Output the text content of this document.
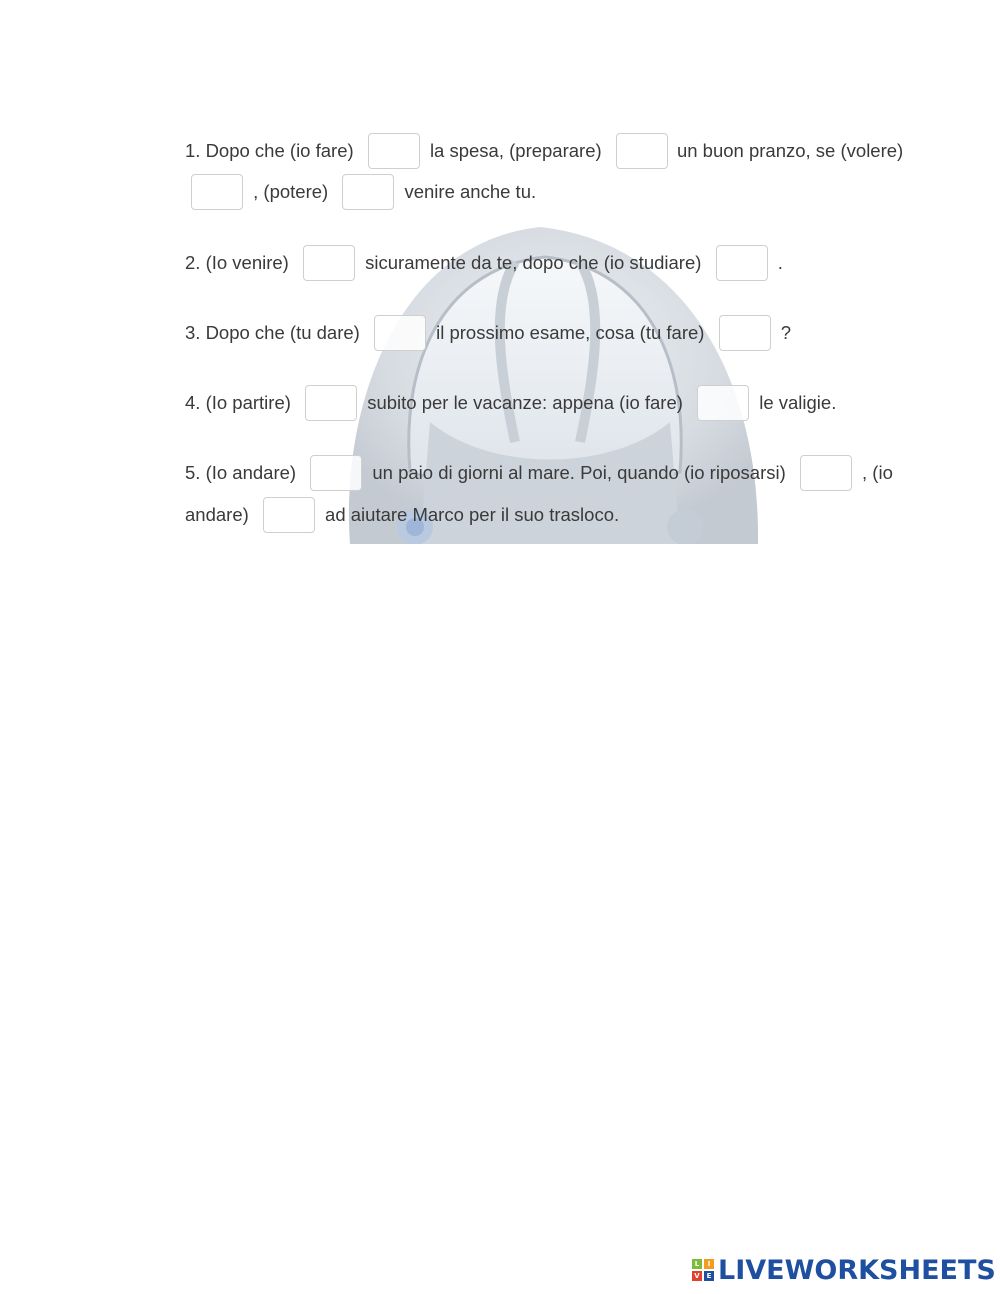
1. Dopo che (io fare)	la spesa, (preparare)	un buon pranzo, se (volere)
, (potere)	venire anche tu.
2. (Io venire)	sicuramente da te, dopo che (io studiare)	.
3. Dopo che (tu dare)	il prossimo esame, cosa (tu fare)	?
4. (Io partire)	subito per le vacanze: appena (io fare)	le valigie.
5. (Io andare)	un paio di giorni al mare. Poi, quando (io riposarsi)	, (io
andare)	ad aiutare Marco per il suo trasloco.
L	I
V E LIVEWORKSHEETS
